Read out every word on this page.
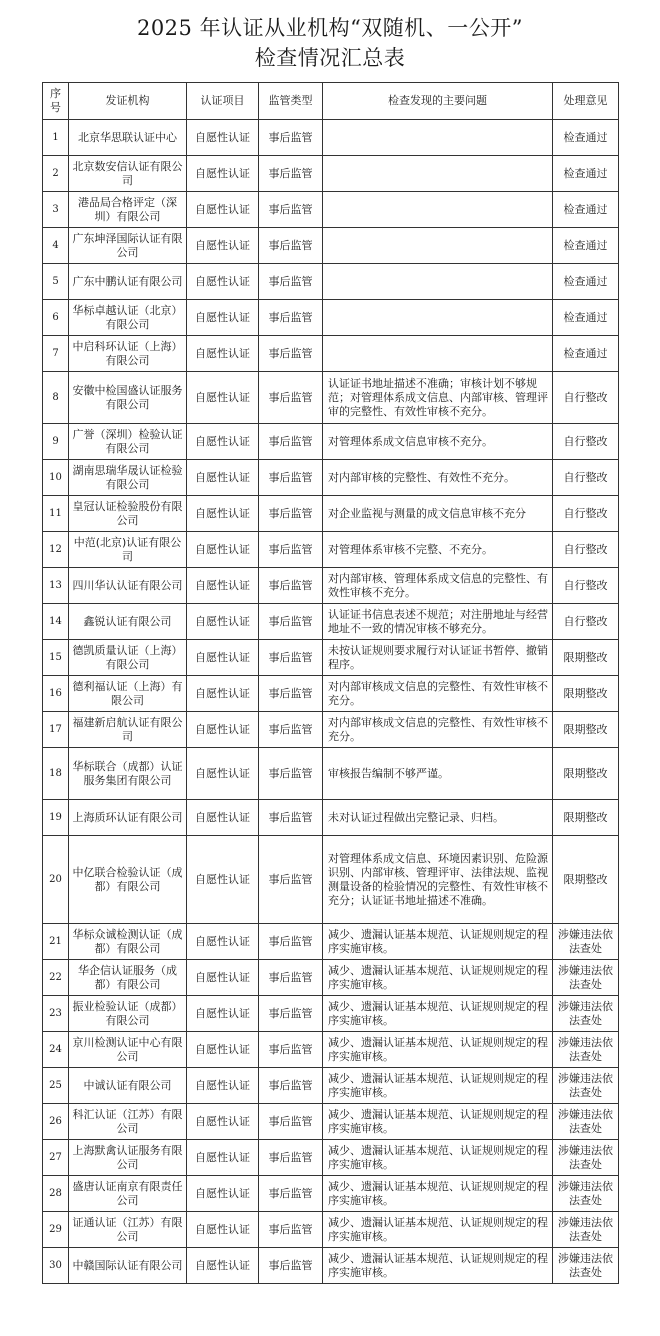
2025 年认证从业机构“双随机、一公开”
检查情况汇总表
序号	发证机构	认证项目	监管类型	检查发现的主要问题	处理意见
1	北京华思联认证中心	自愿性认证	事后监管		检查通过
2	北京数安信认证有限公司	自愿性认证	事后监管		检查通过
3	港品局合格评定（深圳）有限公司	自愿性认证	事后监管		检查通过
4	广东坤泽国际认证有限公司	自愿性认证	事后监管		检查通过
5	广东中鹏认证有限公司	自愿性认证	事后监管		检查通过
6	华标卓越认证（北京）有限公司	自愿性认证	事后监管		检查通过
7	中启科环认证（上海）有限公司	自愿性认证	事后监管		检查通过
8	安徽中检国盛认证服务有限公司	自愿性认证	事后监管	认证证书地址描述不准确；审核计划不够规范；对管理体系成文信息、内部审核、管理评审的完整性、有效性审核不充分。	自行整改
9	广誉（深圳）检验认证有限公司	自愿性认证	事后监管	对管理体系成文信息审核不充分。	自行整改
10	湖南思瑞华晟认证检验有限公司	自愿性认证	事后监管	对内部审核的完整性、有效性不充分。	自行整改
11	皇冠认证检验股份有限公司	自愿性认证	事后监管	对企业监视与测量的成文信息审核不充分	自行整改
12	中范(北京)认证有限公司	自愿性认证	事后监管	对管理体系审核不完整、不充分。	自行整改
13	四川华认认证有限公司	自愿性认证	事后监管	对内部审核、管理体系成文信息的完整性、有效性审核不充分。	自行整改
14	鑫锐认证有限公司	自愿性认证	事后监管	认证证书信息表述不规范；对注册地址与经营地址不一致的情况审核不够充分。	自行整改
15	德凯质量认证（上海）有限公司	自愿性认证	事后监管	未按认证规则要求履行对认证证书暂停、撤销程序。	限期整改
16	德利福认证（上海）有限公司	自愿性认证	事后监管	对内部审核成文信息的完整性、有效性审核不充分。	限期整改
17	福建新启航认证有限公司	自愿性认证	事后监管	对内部审核成文信息的完整性、有效性审核不充分。	限期整改
18	华标联合（成都）认证服务集团有限公司	自愿性认证	事后监管	审核报告编制不够严谨。	限期整改
19	上海质环认证有限公司	自愿性认证	事后监管	未对认证过程做出完整记录、归档。	限期整改
20	中亿联合检验认证（成都）有限公司	自愿性认证	事后监管	对管理体系成文信息、环境因素识别、危险源识别、内部审核、管理评审、法律法规、监视测量设备的检验情况的完整性、有效性审核不充分；认证证书地址描述不准确。	限期整改
21	华标众诚检测认证（成都）有限公司	自愿性认证	事后监管	减少、遗漏认证基本规范、认证规则规定的程序实施审核。	涉嫌违法依法查处
22	华企信认证服务（成都）有限公司	自愿性认证	事后监管	减少、遗漏认证基本规范、认证规则规定的程序实施审核。	涉嫌违法依法查处
23	振业检验认证（成都）有限公司	自愿性认证	事后监管	减少、遗漏认证基本规范、认证规则规定的程序实施审核。	涉嫌违法依法查处
24	京川检测认证中心有限公司	自愿性认证	事后监管	减少、遗漏认证基本规范、认证规则规定的程序实施审核。	涉嫌违法依法查处
25	中诚认证有限公司	自愿性认证	事后监管	减少、遗漏认证基本规范、认证规则规定的程序实施审核。	涉嫌违法依法查处
26	科汇认证（江苏）有限公司	自愿性认证	事后监管	减少、遗漏认证基本规范、认证规则规定的程序实施审核。	涉嫌违法依法查处
27	上海默禽认证服务有限公司	自愿性认证	事后监管	减少、遗漏认证基本规范、认证规则规定的程序实施审核。	涉嫌违法依法查处
28	盛唐认证南京有限责任公司	自愿性认证	事后监管	减少、遗漏认证基本规范、认证规则规定的程序实施审核。	涉嫌违法依法查处
29	证通认证（江苏）有限公司	自愿性认证	事后监管	减少、遗漏认证基本规范、认证规则规定的程序实施审核。	涉嫌违法依法查处
30	中赣国际认证有限公司	自愿性认证	事后监管	减少、遗漏认证基本规范、认证规则规定的程序实施审核。	涉嫌违法依法查处
